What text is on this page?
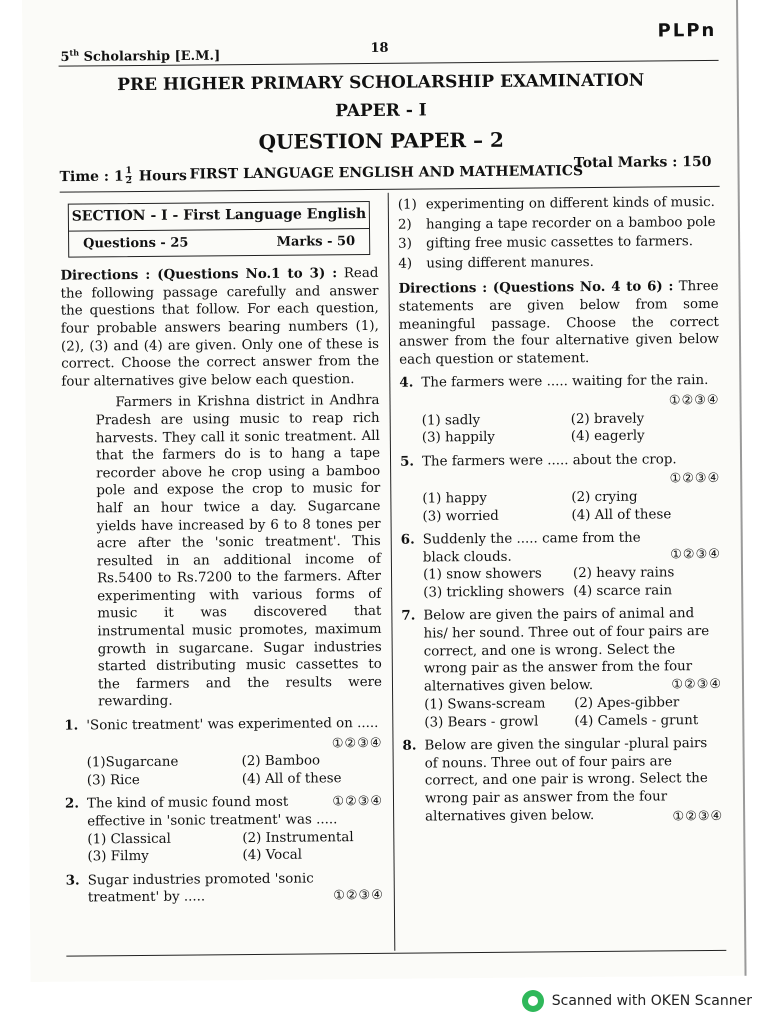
5th Scholarship [E.M.]
18
PLPn
PRE HIGHER PRIMARY SCHOLARSHIP EXAMINATION
PAPER - I
QUESTION PAPER – 2
Time : $1 \frac{1}{2}$ Hours FIRST LANGUAGE ENGLISH AND MATHEMATICS
Total Marks : 150
SECTION - I - First Language English
Questions - 25	Marks - 50
Directions : (Questions No.1 to 3) : Read the following passage carefully and answer the questions that follow. For each question, four probable answers bearing numbers (1), (2), (3) and (4) are given. Only one of these is correct. Choose the correct answer from the four alternatives give below each question.
Farmers in Krishna district in Andhra Pradesh are using music to reap rich harvests. They call it sonic treatment. All that the farmers do is to hang a tape recorder above he crop using a bamboo pole and expose the crop to music for half an hour twice a day. Sugarcane yields have increased by 6 to 8 tones per acre after the 'sonic treatment'. This resulted in an additional income of Rs.5400 to Rs.7200 to the farmers. After experimenting with various forms of music it was discovered that instrumental music promotes, maximum growth in sugarcane. Sugar industries started distributing music cassettes to the farmers and the results were rewarding.
1. 'Sonic treatment' was experimented on .....
①②③④
(1)Sugarcane	(2) Bamboo
(3) Rice	(4) All of these
2.	①②③④
The kind of music found most effective in 'sonic treatment' was .....
(1) Classical	(2) Instrumental
(3) Filmy	(4) Vocal
3.
①②③④
Sugar industries promoted 'sonic treatment' by .....
(1) experimenting on different kinds of music.
2)	hanging a tape recorder on a bamboo pole
3)	gifting free music cassettes to farmers.
4)	using different manures.
Directions : (Questions No. 4 to 6) : Three statements are given below from some meaningful passage. Choose the correct answer from the four alternative given below each question or statement.
4. The farmers were ..... waiting for the rain.
①②③④
(1) sadly	(2) bravely
(3) happily	(4) eagerly
5. The farmers were ..... about the crop.
①②③④
(1) happy	(2) crying
(3) worried	(4) All of these
6.
①②③④
Suddenly the ..... came from the black clouds.
(1) snow showers	(2) heavy rains
(3) trickling showers (4) scarce rain
7. Below are given the pairs of animal and his/ her sound. Three out of four pairs are correct, and one is wrong. Select the wrong pair as the answer from the four alternatives given below.	①②③④
(1) Swans-scream	(2) Apes-gibber
(3) Bears - growl	(4) Camels - grunt
8. Below are given the singular -plural pairs of nouns. Three out of four pairs are correct, and one pair is wrong. Select the wrong pair as answer from the four alternatives given below.	①②③④
Scanned with OKEN Scanner
